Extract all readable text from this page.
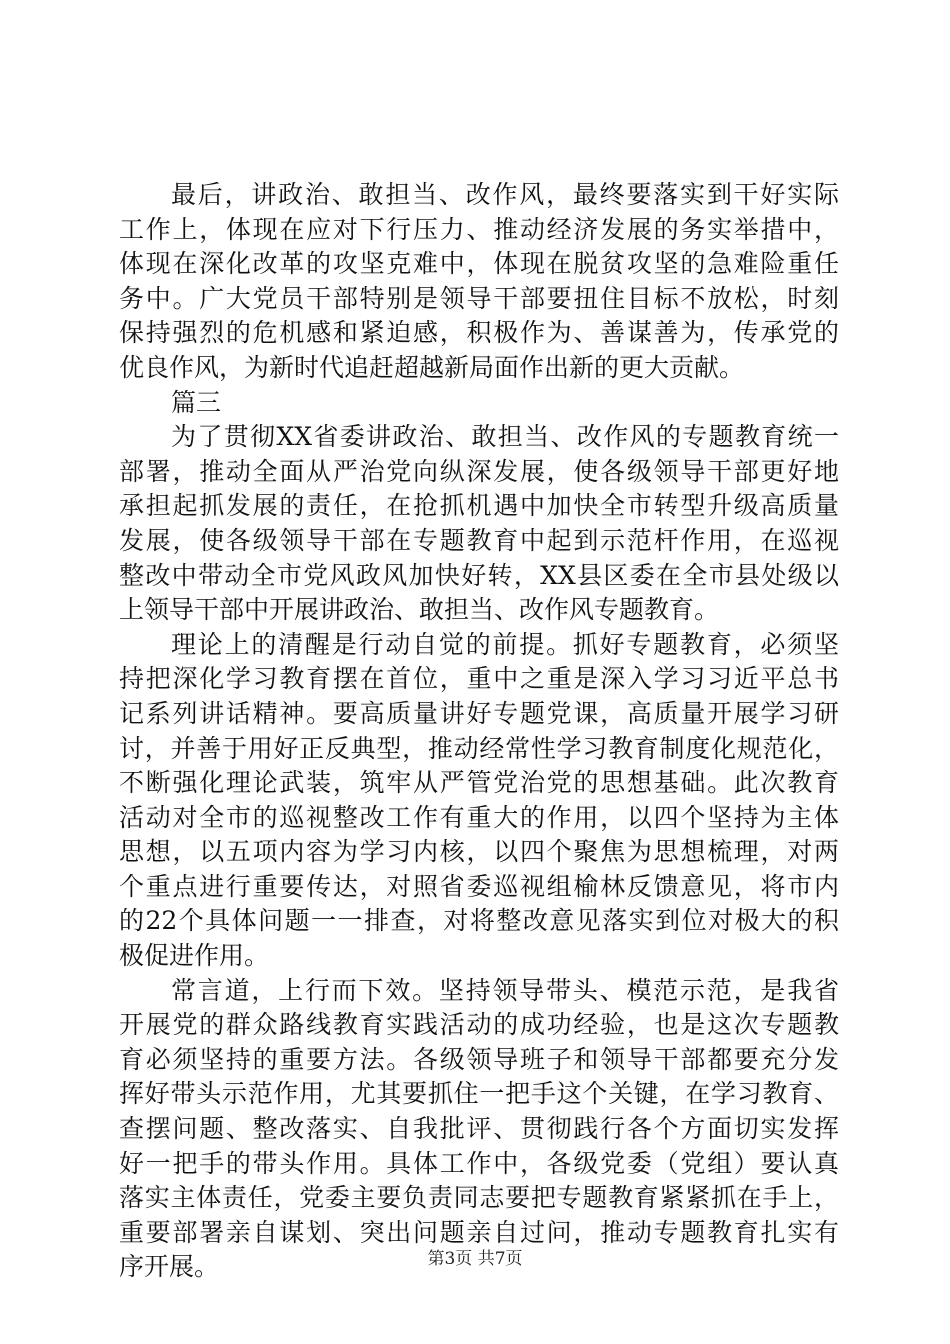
最后，讲政治、敢担当、改作风，最终要落实到干好实际
工作上，体现在应对下行压力、推动经济发展的务实举措中，
体现在深化改革的攻坚克难中，体现在脱贫攻坚的急难险重任
务中。广大党员干部特别是领导干部要扭住目标不放松，时刻
保持强烈的危机感和紧迫感，积极作为、善谋善为，传承党的
优良作风，为新时代追赶超越新局面作出新的更大贡献。
篇三
为了贯彻XX省委讲政治、敢担当、改作风的专题教育统一
部署，推动全面从严治党向纵深发展，使各级领导干部更好地
承担起抓发展的责任，在抢抓机遇中加快全市转型升级高质量
发展，使各级领导干部在专题教育中起到示范杆作用，在巡视
整改中带动全市党风政风加快好转，XX县区委在全市县处级以
上领导干部中开展讲政治、敢担当、改作风专题教育。
理论上的清醒是行动自觉的前提。抓好专题教育，必须坚
持把深化学习教育摆在首位，重中之重是深入学习习近平总书
记系列讲话精神。要高质量讲好专题党课，高质量开展学习研
讨，并善于用好正反典型，推动经常性学习教育制度化规范化，
不断强化理论武装，筑牢从严管党治党的思想基础。此次教育
活动对全市的巡视整改工作有重大的作用，以四个坚持为主体
思想，以五项内容为学习内核，以四个聚焦为思想梳理，对两
个重点进行重要传达，对照省委巡视组榆林反馈意见，将市内
的22个具体问题一一排查，对将整改意见落实到位对极大的积
极促进作用。
常言道，上行而下效。坚持领导带头、模范示范，是我省
开展党的群众路线教育实践活动的成功经验，也是这次专题教
育必须坚持的重要方法。各级领导班子和领导干部都要充分发
挥好带头示范作用，尤其要抓住一把手这个关键，在学习教育、
查摆问题、整改落实、自我批评、贯彻践行各个方面切实发挥
好一把手的带头作用。具体工作中，各级党委（党组）要认真
落实主体责任，党委主要负责同志要把专题教育紧紧抓在手上，
重要部署亲自谋划、突出问题亲自过问，推动专题教育扎实有
序开展。	第3页 共7页
